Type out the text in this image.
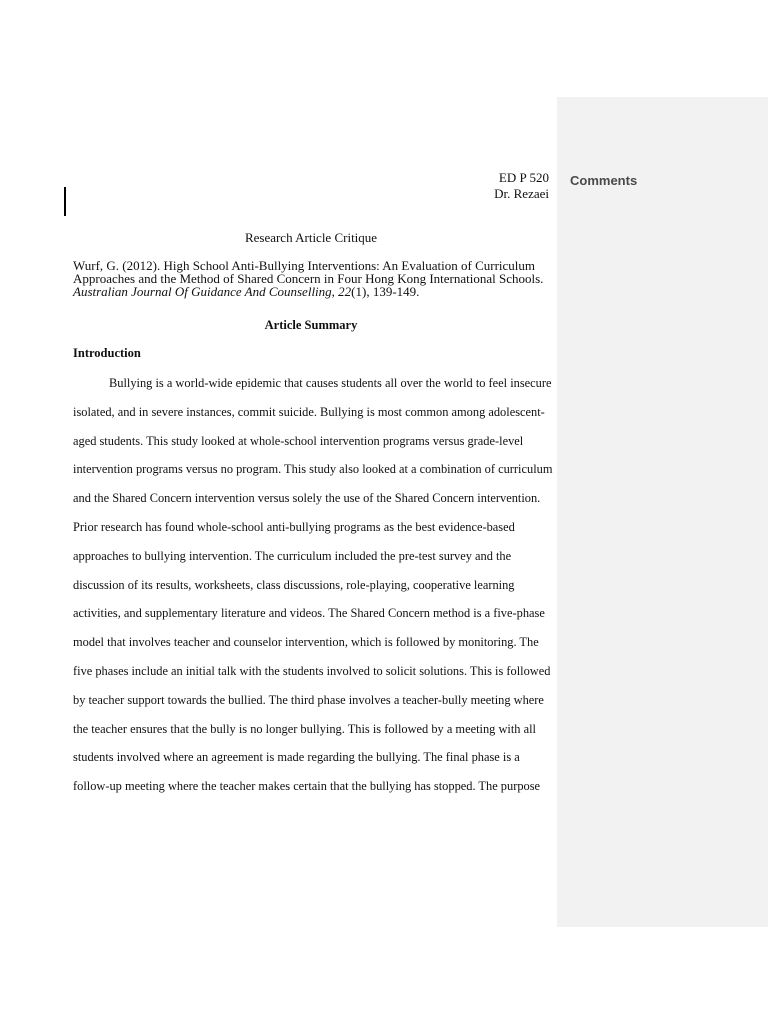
Comments
ED P 520
Dr. Rezaei
Research Article Critique
Wurf, G. (2012). High School Anti-Bullying Interventions: An Evaluation of Curriculum
Approaches and the Method of Shared Concern in Four Hong Kong International Schools.
Australian Journal Of Guidance And Counselling, 22(1), 139-149.
Article Summary
Introduction
Bullying is a world-wide epidemic that causes students all over the world to feel insecure
isolated, and in severe instances, commit suicide. Bullying is most common among adolescent-
aged students. This study looked at whole-school intervention programs versus grade-level
intervention programs versus no program. This study also looked at a combination of curriculum
and the Shared Concern intervention versus solely the use of the Shared Concern intervention.
Prior research has found whole-school anti-bullying programs as the best evidence-based
approaches to bullying intervention. The curriculum included the pre-test survey and the
discussion of its results, worksheets, class discussions, role-playing, cooperative learning
activities, and supplementary literature and videos. The Shared Concern method is a five-phase
model that involves teacher and counselor intervention, which is followed by monitoring. The
five phases include an initial talk with the students involved to solicit solutions. This is followed
by teacher support towards the bullied. The third phase involves a teacher-bully meeting where
the teacher ensures that the bully is no longer bullying. This is followed by a meeting with all
students involved where an agreement is made regarding the bullying. The final phase is a
follow-up meeting where the teacher makes certain that the bullying has stopped. The purpose
